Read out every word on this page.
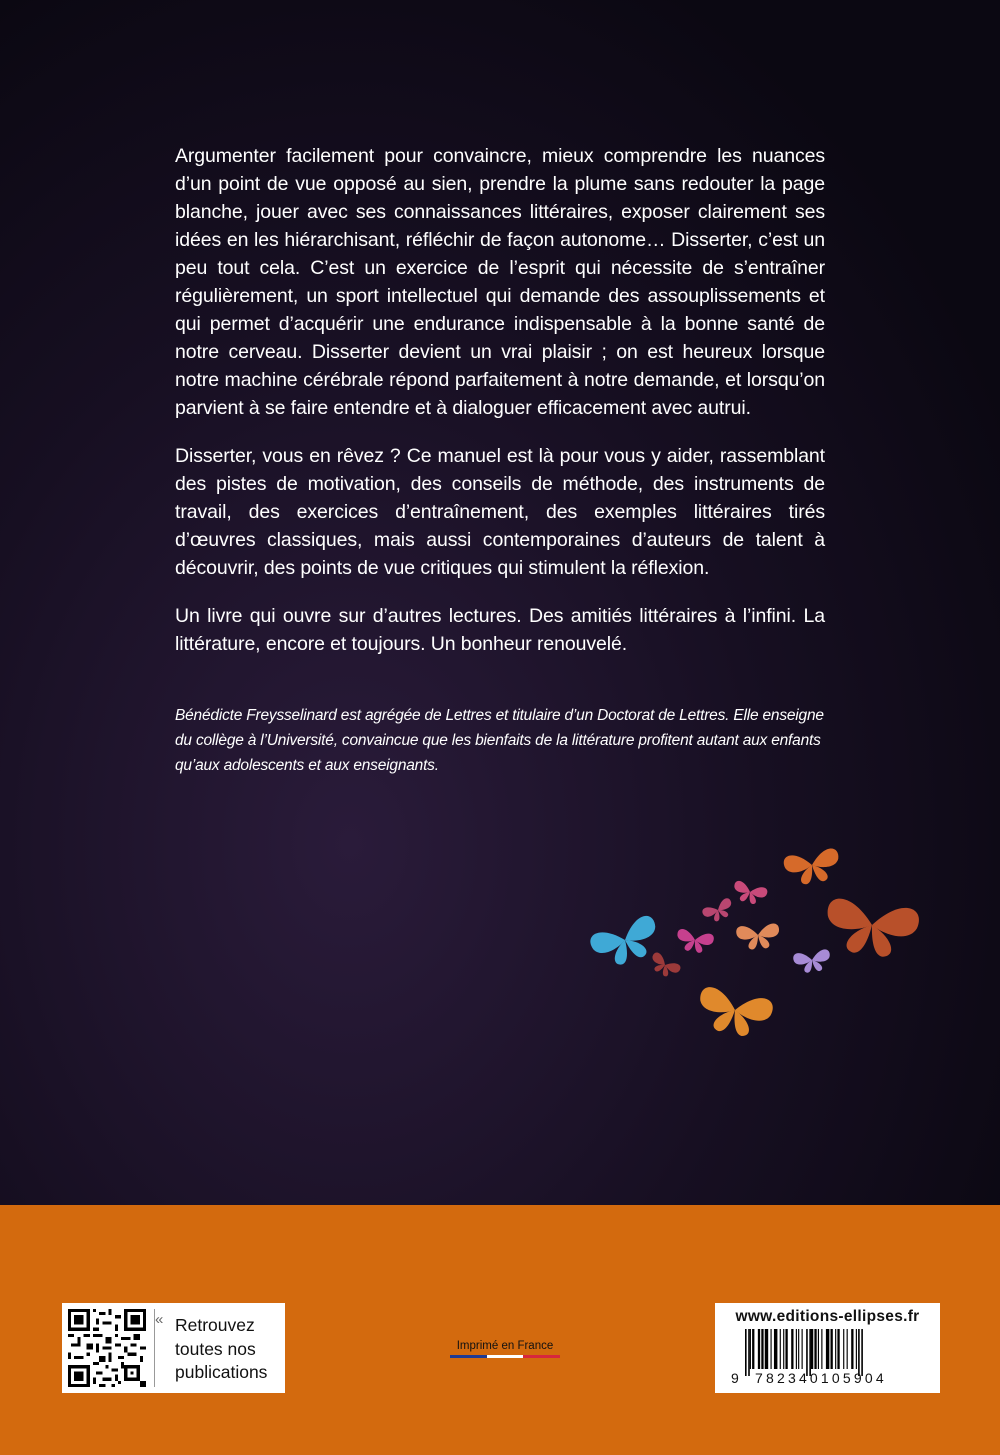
Argumenter facilement pour convaincre, mieux comprendre les nuances d’un point de vue opposé au sien, prendre la plume sans redouter la page blanche, jouer avec ses connaissances littéraires, exposer clairement ses idées en les hiérarchisant, réfléchir de façon autonome… Disserter, c’est un peu tout cela. C’est un exercice de l’esprit qui nécessite de s’entraîner régulièrement, un sport intellectuel qui demande des assouplissements et qui permet d’acquérir une endurance indispensable à la bonne santé de notre cerveau. Disserter devient un vrai plaisir ; on est heureux lorsque notre machine cérébrale répond parfaitement à notre demande, et lorsqu’on parvient à se faire entendre et à dialoguer efficacement avec autrui.

Disserter, vous en rêvez ? Ce manuel est là pour vous y aider, rassemblant des pistes de motivation, des conseils de méthode, des instruments de travail, des exercices d’entraînement, des exemples littéraires tirés d’œuvres classiques, mais aussi contemporaines d’auteurs de talent à découvrir, des points de vue critiques qui stimulent la réflexion.

Un livre qui ouvre sur d’autres lectures. Des amitiés littéraires à l’infini. La littérature, encore et toujours. Un bonheur renouvelé.

Bénédicte Freysselinard est agrégée de Lettres et titulaire d’un Doctorat de Lettres. Elle enseigne du collège à l’Université, convaincue que les bienfaits de la littérature profitent autant aux enfants qu’aux adolescents et aux enseignants.
« Retrouvez
toutes nos
publications
Imprimé en France
www.editions-ellipses.fr
9 782340105904
